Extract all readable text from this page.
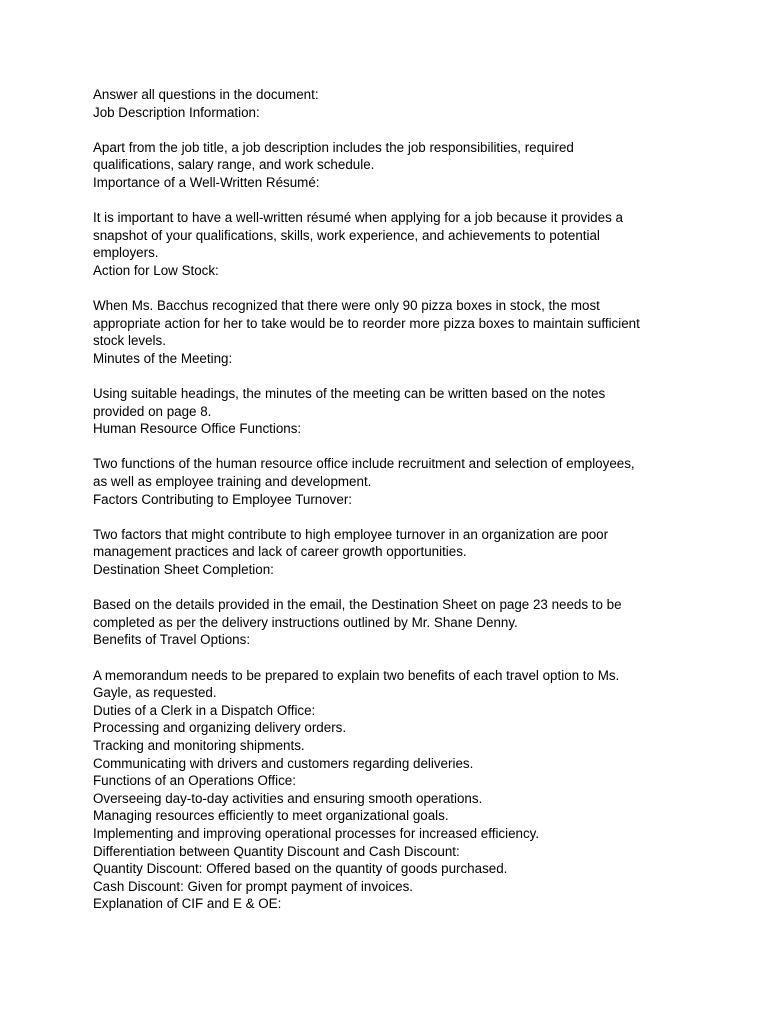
Answer all questions in the document:
Job Description Information:
Apart from the job title, a job description includes the job responsibilities, required
qualifications, salary range, and work schedule.
Importance of a Well-Written Résumé:
It is important to have a well-written résumé when applying for a job because it provides a
snapshot of your qualifications, skills, work experience, and achievements to potential
employers.
Action for Low Stock:
When Ms. Bacchus recognized that there were only 90 pizza boxes in stock, the most
appropriate action for her to take would be to reorder more pizza boxes to maintain sufficient
stock levels.
Minutes of the Meeting:
Using suitable headings, the minutes of the meeting can be written based on the notes
provided on page 8.
Human Resource Office Functions:
Two functions of the human resource office include recruitment and selection of employees,
as well as employee training and development.
Factors Contributing to Employee Turnover:
Two factors that might contribute to high employee turnover in an organization are poor
management practices and lack of career growth opportunities.
Destination Sheet Completion:
Based on the details provided in the email, the Destination Sheet on page 23 needs to be
completed as per the delivery instructions outlined by Mr. Shane Denny.
Benefits of Travel Options:
A memorandum needs to be prepared to explain two benefits of each travel option to Ms.
Gayle, as requested.
Duties of a Clerk in a Dispatch Office:
Processing and organizing delivery orders.
Tracking and monitoring shipments.
Communicating with drivers and customers regarding deliveries.
Functions of an Operations Office:
Overseeing day-to-day activities and ensuring smooth operations.
Managing resources efficiently to meet organizational goals.
Implementing and improving operational processes for increased efficiency.
Differentiation between Quantity Discount and Cash Discount:
Quantity Discount: Offered based on the quantity of goods purchased.
Cash Discount: Given for prompt payment of invoices.
Explanation of CIF and E & OE:
